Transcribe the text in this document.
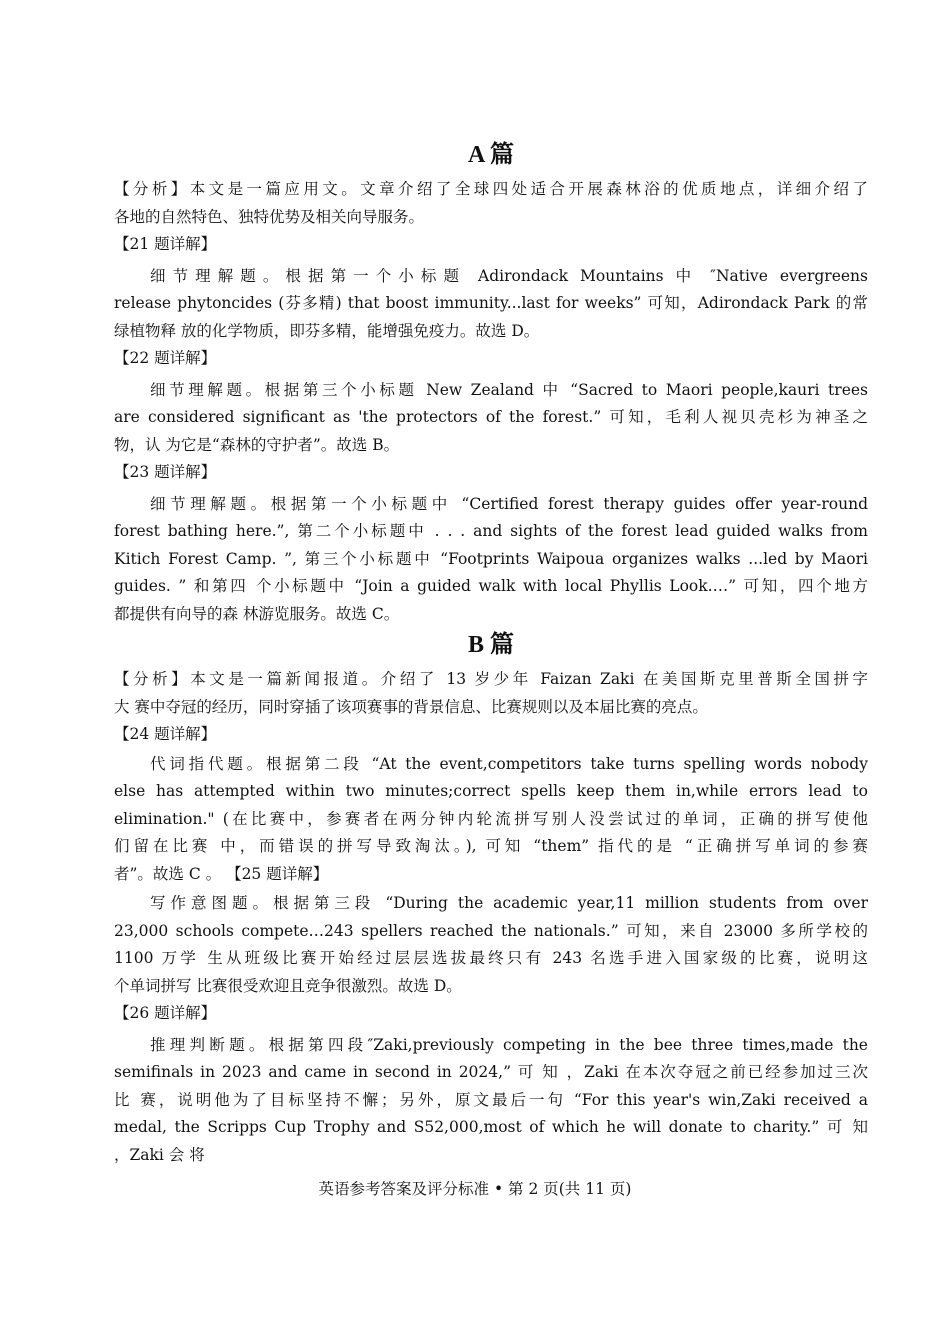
A 篇
【分析】本文是一篇应用文。文章介绍了全球四处适合开展森林浴的优质地点，详细介绍了
各地的自然特色、独特优势及相关向导服务。
【21 题详解】
细节理解题。根据第一个小标题 Adirondack Mountains 中 ″Native evergreens
release phytoncides (芬多精) that boost immunity...last for weeks” 可知，Adirondack Park 的常
绿植物释 放的化学物质，即芬多精，能增强免疫力。故选 D。
【22 题详解】
细节理解题。根据第三个小标题 New Zealand 中 “Sacred to Maori people,kauri trees
are considered significant as 'the protectors of the forest.” 可知，毛利人视贝壳杉为神圣之
物，认 为它是“森林的守护者”。故选 B。
【23 题详解】
细节理解题。根据第一个小标题中 “Certified forest therapy guides offer year-round
forest bathing here.”, 第二个小标题中 . . . and sights of the forest lead guided walks from
Kitich Forest Camp. ”, 第三个小标题中 “Footprints Waipoua organizes walks ...led by Maori
guides. ” 和第四 个小标题中 “Join a guided walk with local Phyllis Look.…” 可知，四个地方
都提供有向导的森 林游览服务。故选 C。
B 篇
【分析】本文是一篇新闻报道。介绍了 13 岁少年 Faizan Zaki 在美国斯克里普斯全国拼字
大 赛中夺冠的经历，同时穿插了该项赛事的背景信息、比赛规则以及本届比赛的亮点。
【24 题详解】
代词指代题。根据第二段 “At the event,competitors take turns spelling words nobody
else has attempted within two minutes;correct spells keep them in,while errors lead to
elimination." (在比赛中，参赛者在两分钟内轮流拼写别人没尝试过的单词，正确的拼写使他
们留在比赛 中，而错误的拼写导致淘汰。), 可知 “them” 指代的是 “正确拼写单词的参赛
者”。故选 C 。 【25 题详解】
写作意图题。根据第三段 “During the academic year,11 million students from over
23,000 schools compete…243 spellers reached the nationals.” 可知，来自 23000 多所学校的
1100 万学 生从班级比赛开始经过层层选拔最终只有 243 名选手进入国家级的比赛，说明这
个单词拼写 比赛很受欢迎且竞争很激烈。故选 D。
【26 题详解】
推理判断题。根据第四段″Zaki,previously competing in the bee three times,made the
semifinals in 2023 and came in second in 2024,” 可 知 ，Zaki 在本次夺冠之前已经参加过三次
比 赛，说明他为了目标坚持不懈；另外，原文最后一句 “For this year's win,Zaki received a
medal, the Scripps Cup Trophy and S52,000,most of which he will donate to charity.” 可 知
，Zaki 会 将
英语参考答案及评分标准 • 第 2 页(共 11 页)
